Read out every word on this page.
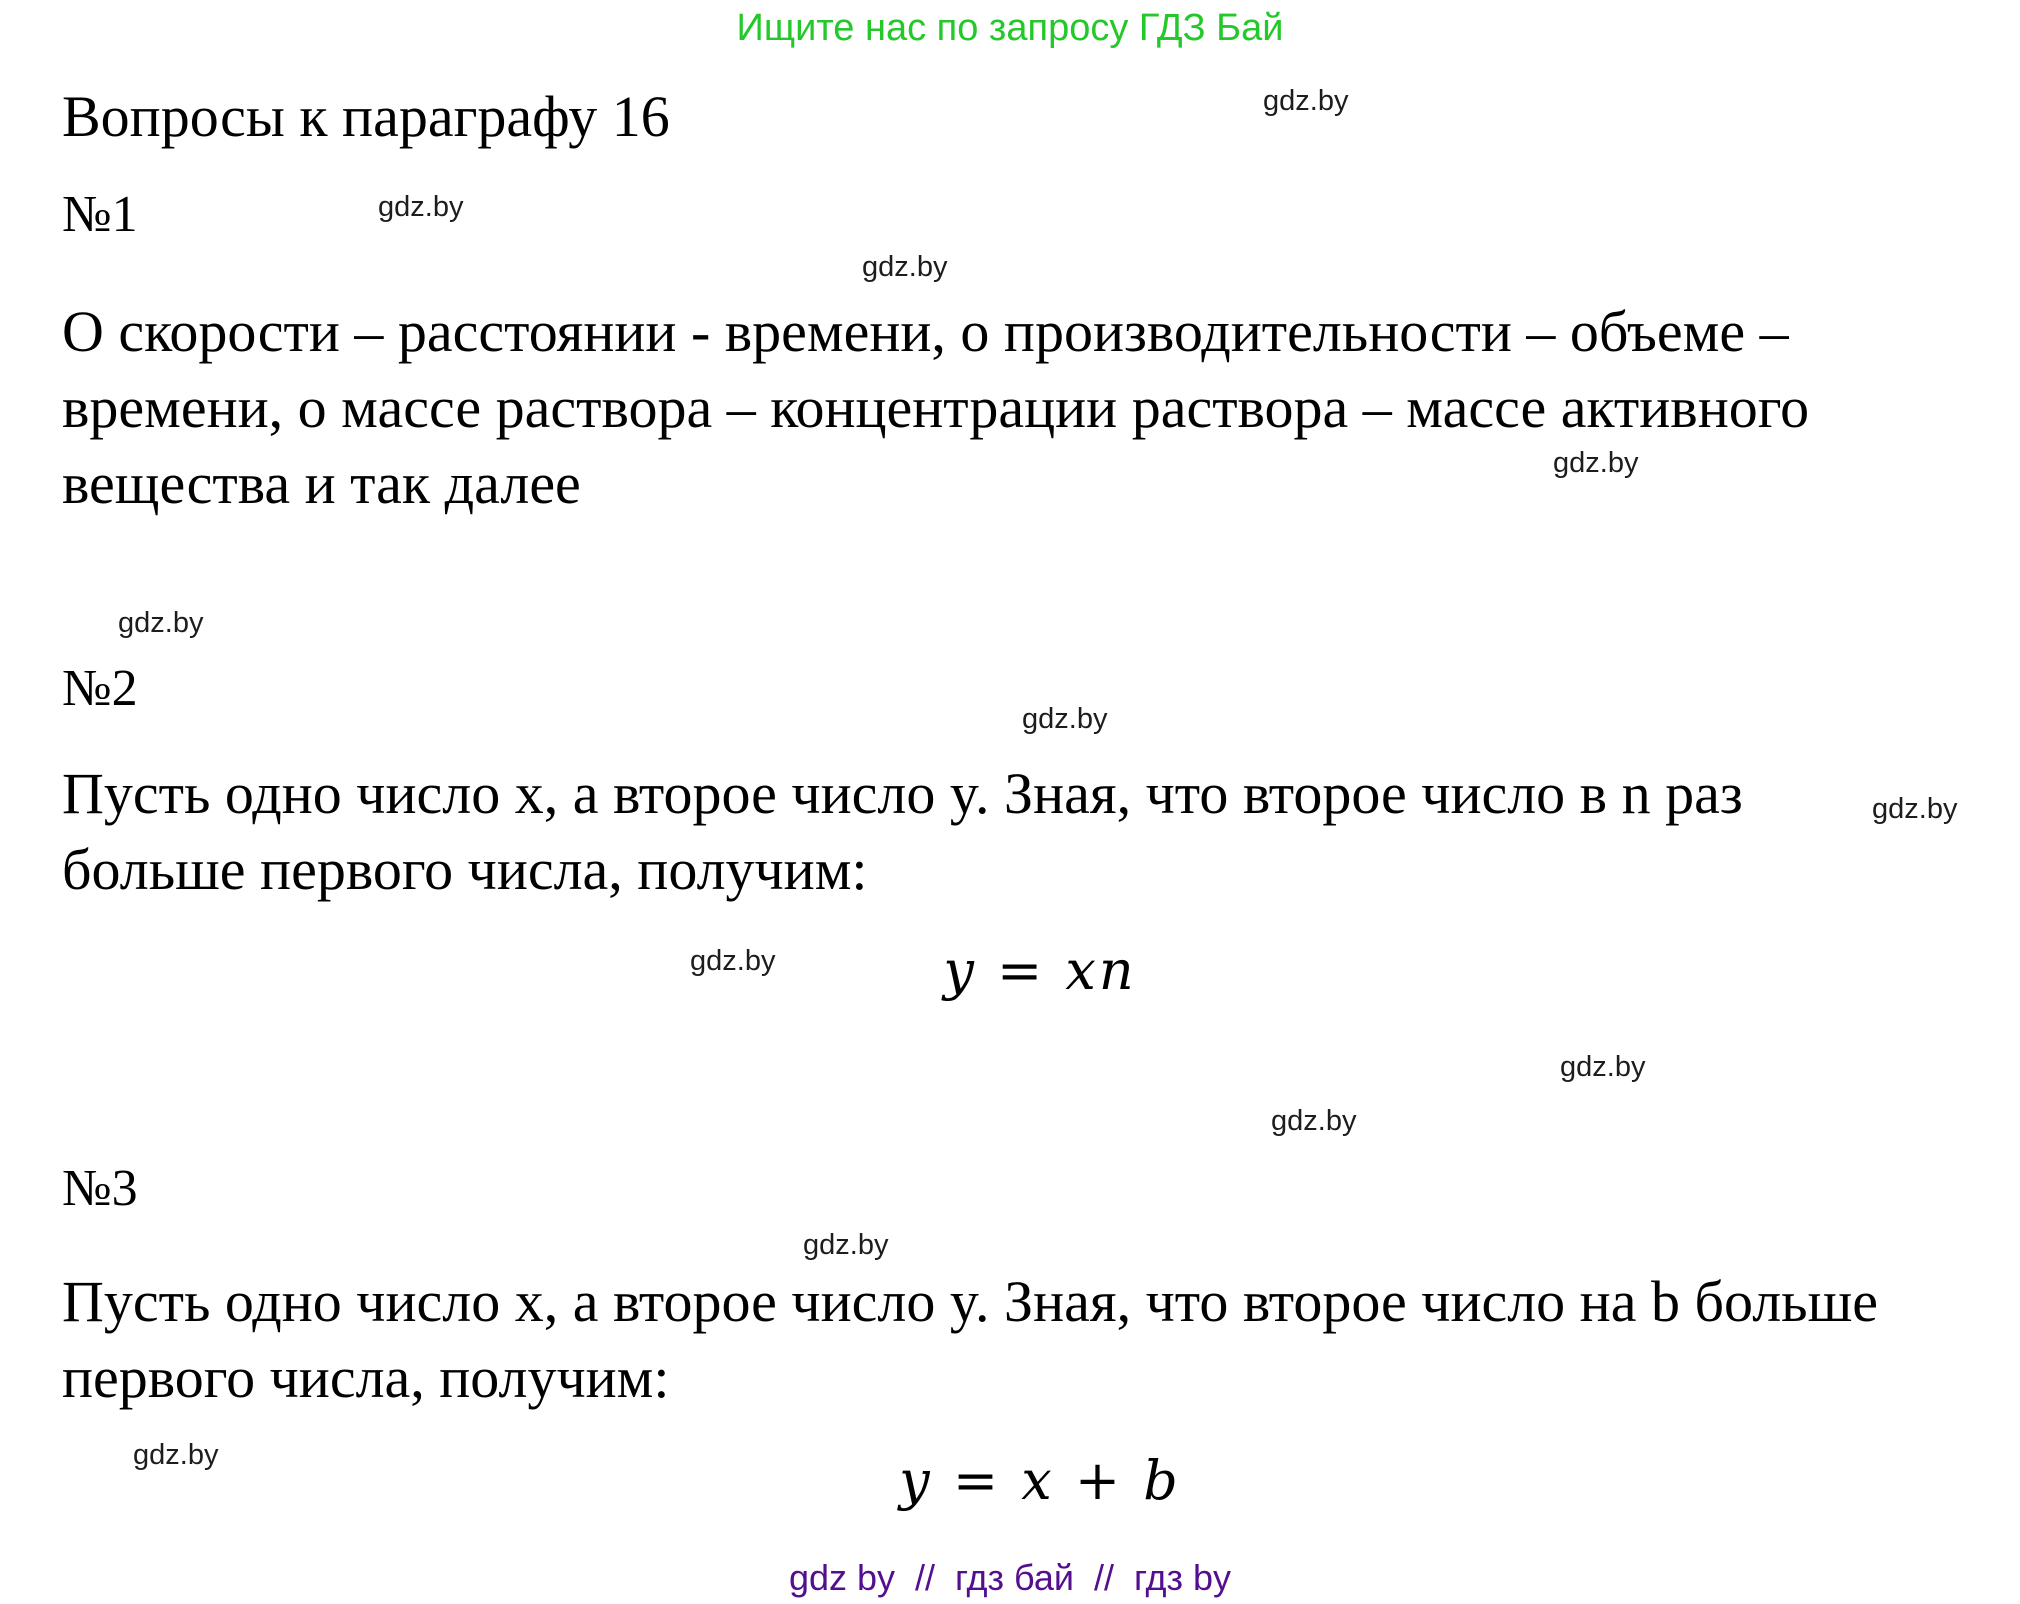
Ищите нас по запросу ГДЗ Бай
Вопросы к параграфу 16
№1
О скорости – расстоянии - времени, о производительности – объеме –
времени, о массе раствора – концентрации раствора – массе активного
вещества и так далее
№2
Пусть одно число x, а второе число y. Зная, что второе число в n раз
больше первого числа, получим:
y = xn
№3
Пусть одно число x, а второе число y. Зная, что второе число на b больше
первого числа, получим:
y = x + b
gdz.by
gdz.by
gdz.by
gdz.by
gdz.by
gdz.by
gdz.by
gdz.by
gdz.by
gdz.by
gdz.by
gdz.by
gdz by  //  гдз бай  //  гдз by
